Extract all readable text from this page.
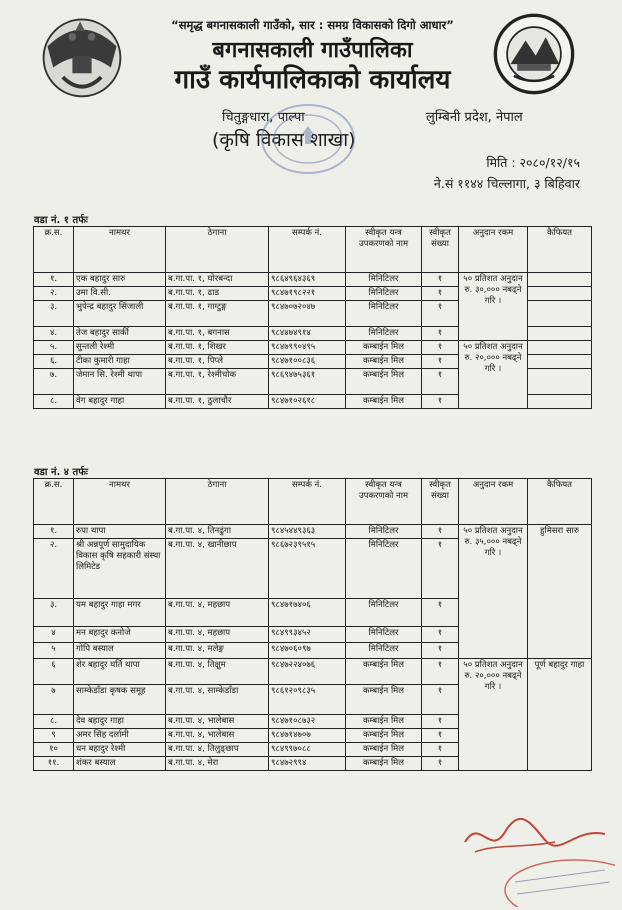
“समृद्ध बगनासकाली गाउँको, सार : समग्र विकासको दिगो आधार”
बगनासकाली गाउँपालिका
गाउँ कार्यपालिकाको कार्यालय
चितुङ्गधारा, पाल्पा	लुम्बिनी प्रदेश, नेपाल
(कृषि विकास शाखा)
मिति : २०८०/१२/१५
ने.सं ११४४ चिल्लागा, ३ बिहिवार
वडा नं. १ तर्फः
क्र.स.	नामथर	ठेगाना	सम्पर्क नं.	स्वीकृत यन्त्र उपकरणको नाम	स्वीकृत संख्या	अनुदान रकम	कैफियत
१.	एक बहादुर सारु	ब.गा.पा. १, घोरबन्दा	९८६४९६४३६९	मिनिटिलर	१	५० प्रतिशत अनुदान रु. ३०,००० नबढ्ने गरि ।	
२.	उमा वि.सी.	ब.गा.पा. १, ढाड	९८४७१९८२२१	मिनिटिलर	१		
३.	भुपेन्द्र बहादुर सिंजाली	ब.गा.पा. १, गाग्टुङ्ग	९८४७०७२०४७	मिनिटिलर	१		
४.	तेज बहादुर सार्की	ब.गा.पा. १, बगनास	९८४४७४९१४	मिनिटिलर	१		
५.	सुन्तली रेश्मी	ब.गा.पा. १, शिखर	९८४७९९०४९५	कम्बाईन मिल	१	५० प्रतिशत अनुदान रु. २०,००० नबढ्ने गरि ।	
६.	टीका कुमारी गाहा	ब.गा.पा. १, पिप्ले	९८४७१००८३६	कम्बाईन मिल	१		
७.	जेमान सि. रेश्मी थापा	ब.गा.पा. १, रेश्मीचोक	९८६९४७५३६१	कम्बाईन मिल	१		
८.	वेग बहादुर गाहा	ब.गा.पा. १, ठुलाचौर	९८४७१०२६१८	कम्बाईन मिल	१		
वडा नं. ४ तर्फः
क्र.स.	नामथर	ठेगाना	सम्पर्क नं.	स्वीकृत यन्त्र उपकरणको नाम	स्वीकृत संख्या	अनुदान रकम	कैफियत
१.	रुपा थापा	ब.गा.पा. ४, तिनढुंगा	९८४५४४९३६३	मिनिटिलर	१	५० प्रतिशत अनुदान रु. ३५,००० नबढ्ने गरि ।	हुमिसरा सारु
२.	श्री अन्नपूर्ण सामुदायिक विकास कृषि सहकारी संस्था लिमिटेड	ब.गा.पा. ४, खानीछाप	९८६७२३९५१५	मिनिटिलर	१		
३.	यम बहादुर गाहा मगर	ब.गा.पा. ४, महछाप	९८४७१७४०६	मिनिटिलर	१		
४	मन बहादुर कनोजे	ब.गा.पा. ४, महछाप	९८४९९३४५२	मिनिटिलर	१		
५	गोपि बस्याल	ब.गा.पा. ४, मलेङ्ग	९८४७०६०९७	मिनिटिलर	१		
६	शेर बहादुर घर्ति थापा	ब.गा.पा. ४, तिक्षुम	९८४७२२४०७६	कम्बाईन मिल	१	५० प्रतिशत अनुदान रु. २०,००० नबढ्ने गरि ।	पूर्ण बहादुर गाहा
७	साम्केडाँडा कृषक समूह	ब.गा.पा. ४, साम्केडाँडा	९८६१२०९८३५	कम्बाईन मिल	१		
८.	देव बहादुर गाहा	ब.गा.पा. ४, भालेबास	९८४७१०८७३२	कम्बाईन मिल	१		
९	अमर सिंह दर्लामी	ब.गा.पा. ४, भालेबास	९८४७१४७०७	कम्बाईन मिल	१		
१०	धन बहादुर रेश्मी	ब.गा.पा. ४, तिलुङ्छाप	९८४९९७०८८	कम्बाईन मिल	१		
११.	शंकर बस्याल	ब.गा.पा. ४, मेरा	९८४७२९९४	कम्बाईन मिल	१		
